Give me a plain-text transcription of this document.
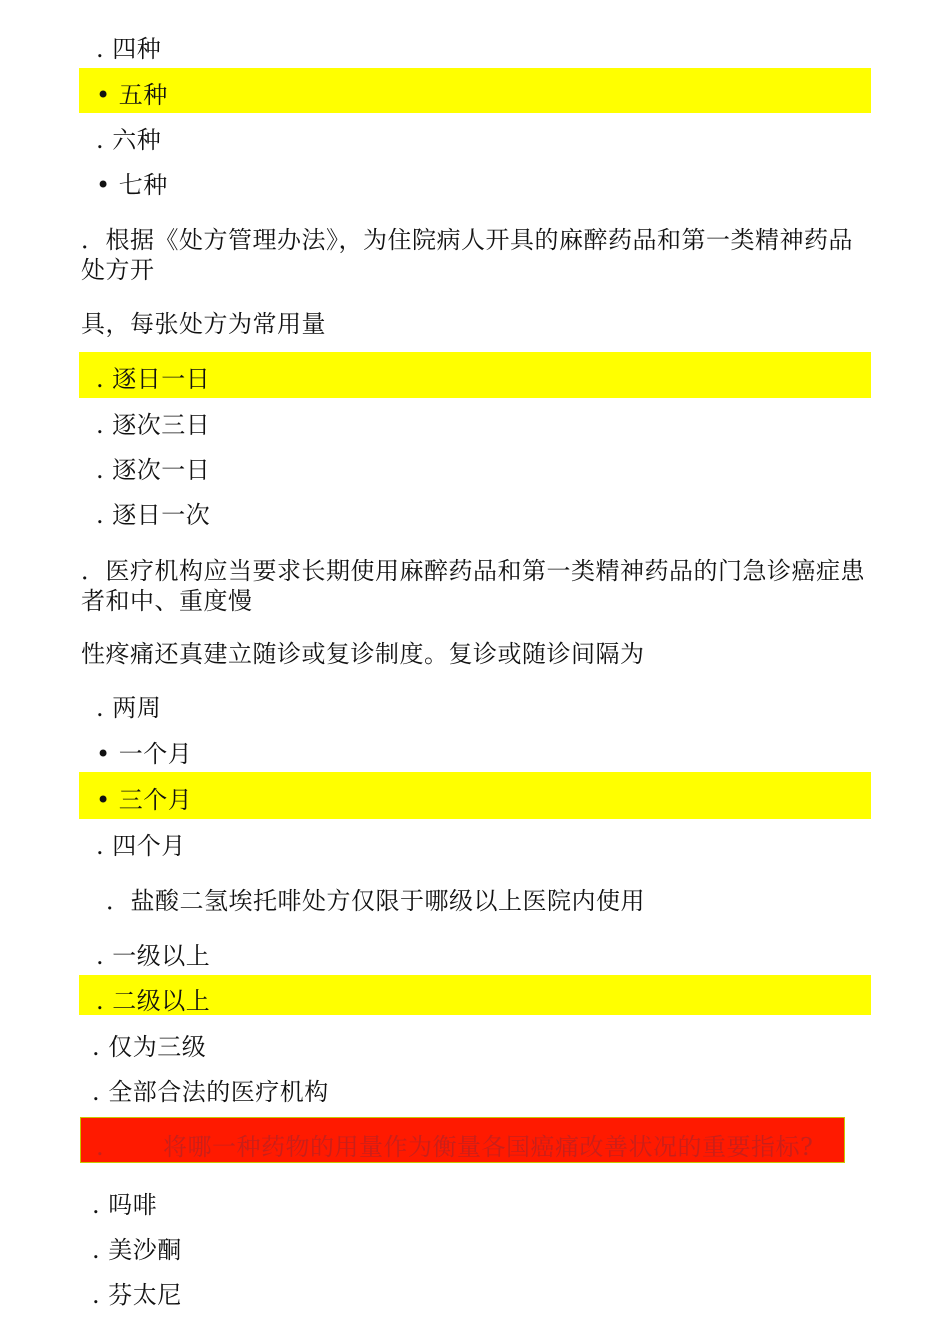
. 四种
• 五种
. 六种
• 七种
．根据《处方管理办法》，为住院病人开具的麻醉药品和第一类精神药品处方开
具，每张处方为常用量
. 逐日一日
. 逐次三日
. 逐次一日
. 逐日一次
．医疗机构应当要求长期使用麻醉药品和第一类精神药品的门急诊癌症患者和中、重度慢
性疼痛还真建立随诊或复诊制度。复诊或随诊间隔为
. 两周
• 一个月
• 三个月
. 四个月
．盐酸二氢埃托啡处方仅限于哪级以上医院内使用
. 一级以上
. 二级以上
. 仅为三级
. 全部合法的医疗机构
. 将哪一种药物的用量作为衡量各国癌痛改善状况的重要指标?
. 吗啡
. 美沙酮
. 芬太尼
